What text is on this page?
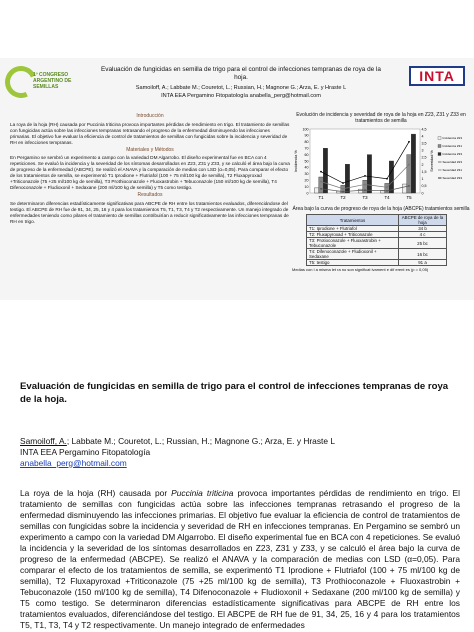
1º CONGRESO ARGENTINO DE SEMILLAS
INTA
Evaluación de fungicidas en semilla de trigo para el control de infecciones tempranas de roya de la hoja.
Samoiloff, A.; Labbate M.; Couretot, L.; Russian, H.; Magnone G.; Arza, E. y Hraste L
INTA EEA Pergamino Fitopatología anabella_perg@hotmail.com
Introducción

La roya de la hoja (RH) causada por Puccinia triticina provoca importantes pérdidas de rendimiento en trigo. El tratamiento de semillas con fungicidas actúa sobre las infecciones tempranas retrasando el progreso de la enfermedad disminuyendo las infecciones primarias. El objetivo fue evaluar la eficiencia de control de tratamientos de semillas con fungicidas sobre la incidencia y severidad de RH en infecciones tempranas.

Materiales y Métodos

En Pergamino se sembró un experimento a campo con la variedad DM Algarrobo. El diseño experimental fue en BCA con 4 repeticiones. Se evaluó la incidencia y la severidad de los síntomas desarrollados en Z23, Z31 y Z33, y se calculó el área bajo la curva de progreso de la enfermedad (ABCPE). Se realizó el ANAVA y la comparación de medias con LSD (α=0,05). Para comparar el efecto de los tratamientos de semilla, se experimentó T1 Iprodione + Flutriafol (100 + 75 ml/100 kg de semilla), T2 Fluxapyroxad +Triticonazole (75 +25 ml/100 kg de semilla), T3 Prothioconazole + Fluoxastrobin + Tebuconazole (150 ml/100 kg de semilla), T4 Difenoconazole + Fludioxonil + Sedaxane (200 ml/100 kg de semilla) y T5 como testigo.

Resultados

Se determinaron diferencias estadísticamente significativas para ABCPE de RH entre los tratamientos evaluados, diferenciándose del testigo. El ABCPE de RH fue de 91, 34, 25, 16 y 4 para los tratamientos T5, T1, T3, T4 y T2 respectivamente. Un manejo integrado de enfermedades teniendo como pilares el tratamiento de semillas contribuirían a reducir significativamente las infecciones tempranas de RH en trigo.

Evolución de incidencia y severidad de roya de la hoja en Z23, Z31 y Z33 en tratamientos de semilla
0
10
20
30
40
50
60
70
80
90
100
0
0,5
1
1,5
2
2,5
3
3,5
4
4,5
Incidencia %	Severidad %
T1	T2	T3	T4	T5
Incidencia Z23
Incidencia Z31
Incidencia Z33
Severidad Z23
Severidad Z31
Severidad Z33
Área bajo la curva de progreso de roya de la hoja (ABCPE) tratamientos semilla
Tratamientos	ABCPE de roya de la hoja
T1: Iprodione + Flutriafol	34 b
T2: Fluxapyroxad + Triticonazole	4 c
T3: Protioconazole + Fluoxastrobin + Tebuconazole	25 bc
T4: Difenoconazole + Fludioxonil + Sedaxane	16 bc
T5: testigo	91 a
Medias con l a misma let ra no son significat ivament e dif erent es (p = 0,05)
Evaluación de fungicidas en semilla de trigo para el control de infecciones tempranas de roya de la hoja.
Samoiloff, A.; Labbate M.; Couretot, L.; Russian, H.; Magnone G.; Arza, E. y Hraste L
INTA EEA Pergamino Fitopatología
anabella_perg@hotmail.com
La roya de la hoja (RH) causada por Puccinia triticina provoca importantes pérdidas de rendimiento en trigo. El tratamiento de semillas con fungicidas actúa sobre las infecciones tempranas retrasando el progreso de la enfermedad disminuyendo las infecciones primarias. El objetivo fue evaluar la eficiencia de control de tratamientos de semillas con fungicidas sobre la incidencia y severidad de RH en infecciones tempranas. En Pergamino se sembró un experimento a campo con la variedad DM Algarrobo. El diseño experimental fue en BCA con 4 repeticiones. Se evaluó la incidencia y la severidad de los síntomas desarrollados en Z23, Z31 y Z33, y se calculó el área bajo la curva de progreso de la enfermedad (ABCPE). Se realizó el ANAVA y la comparación de medias con LSD (α=0,05). Para comparar el efecto de los tratamientos de semilla, se experimentó T1 Iprodione + Flutriafol (100 + 75 ml/100 kg de semilla), T2 Fluxapyroxad +Triticonazole (75 +25 ml/100 kg de semilla), T3 Prothioconazole + Fluoxastrobin + Tebuconazole (150 ml/100 kg de semilla), T4 Difenoconazole + Fludioxonil + Sedaxane (200 ml/100 kg de semilla) y T5 como testigo. Se determinaron diferencias estadísticamente significativas para ABCPE de RH entre los tratamientos evaluados, diferenciándose del testigo. El ABCPE de RH fue de 91, 34, 25, 16 y 4 para los tratamientos T5, T1, T3, T4 y T2 respectivamente. Un manejo integrado de enfermedades
